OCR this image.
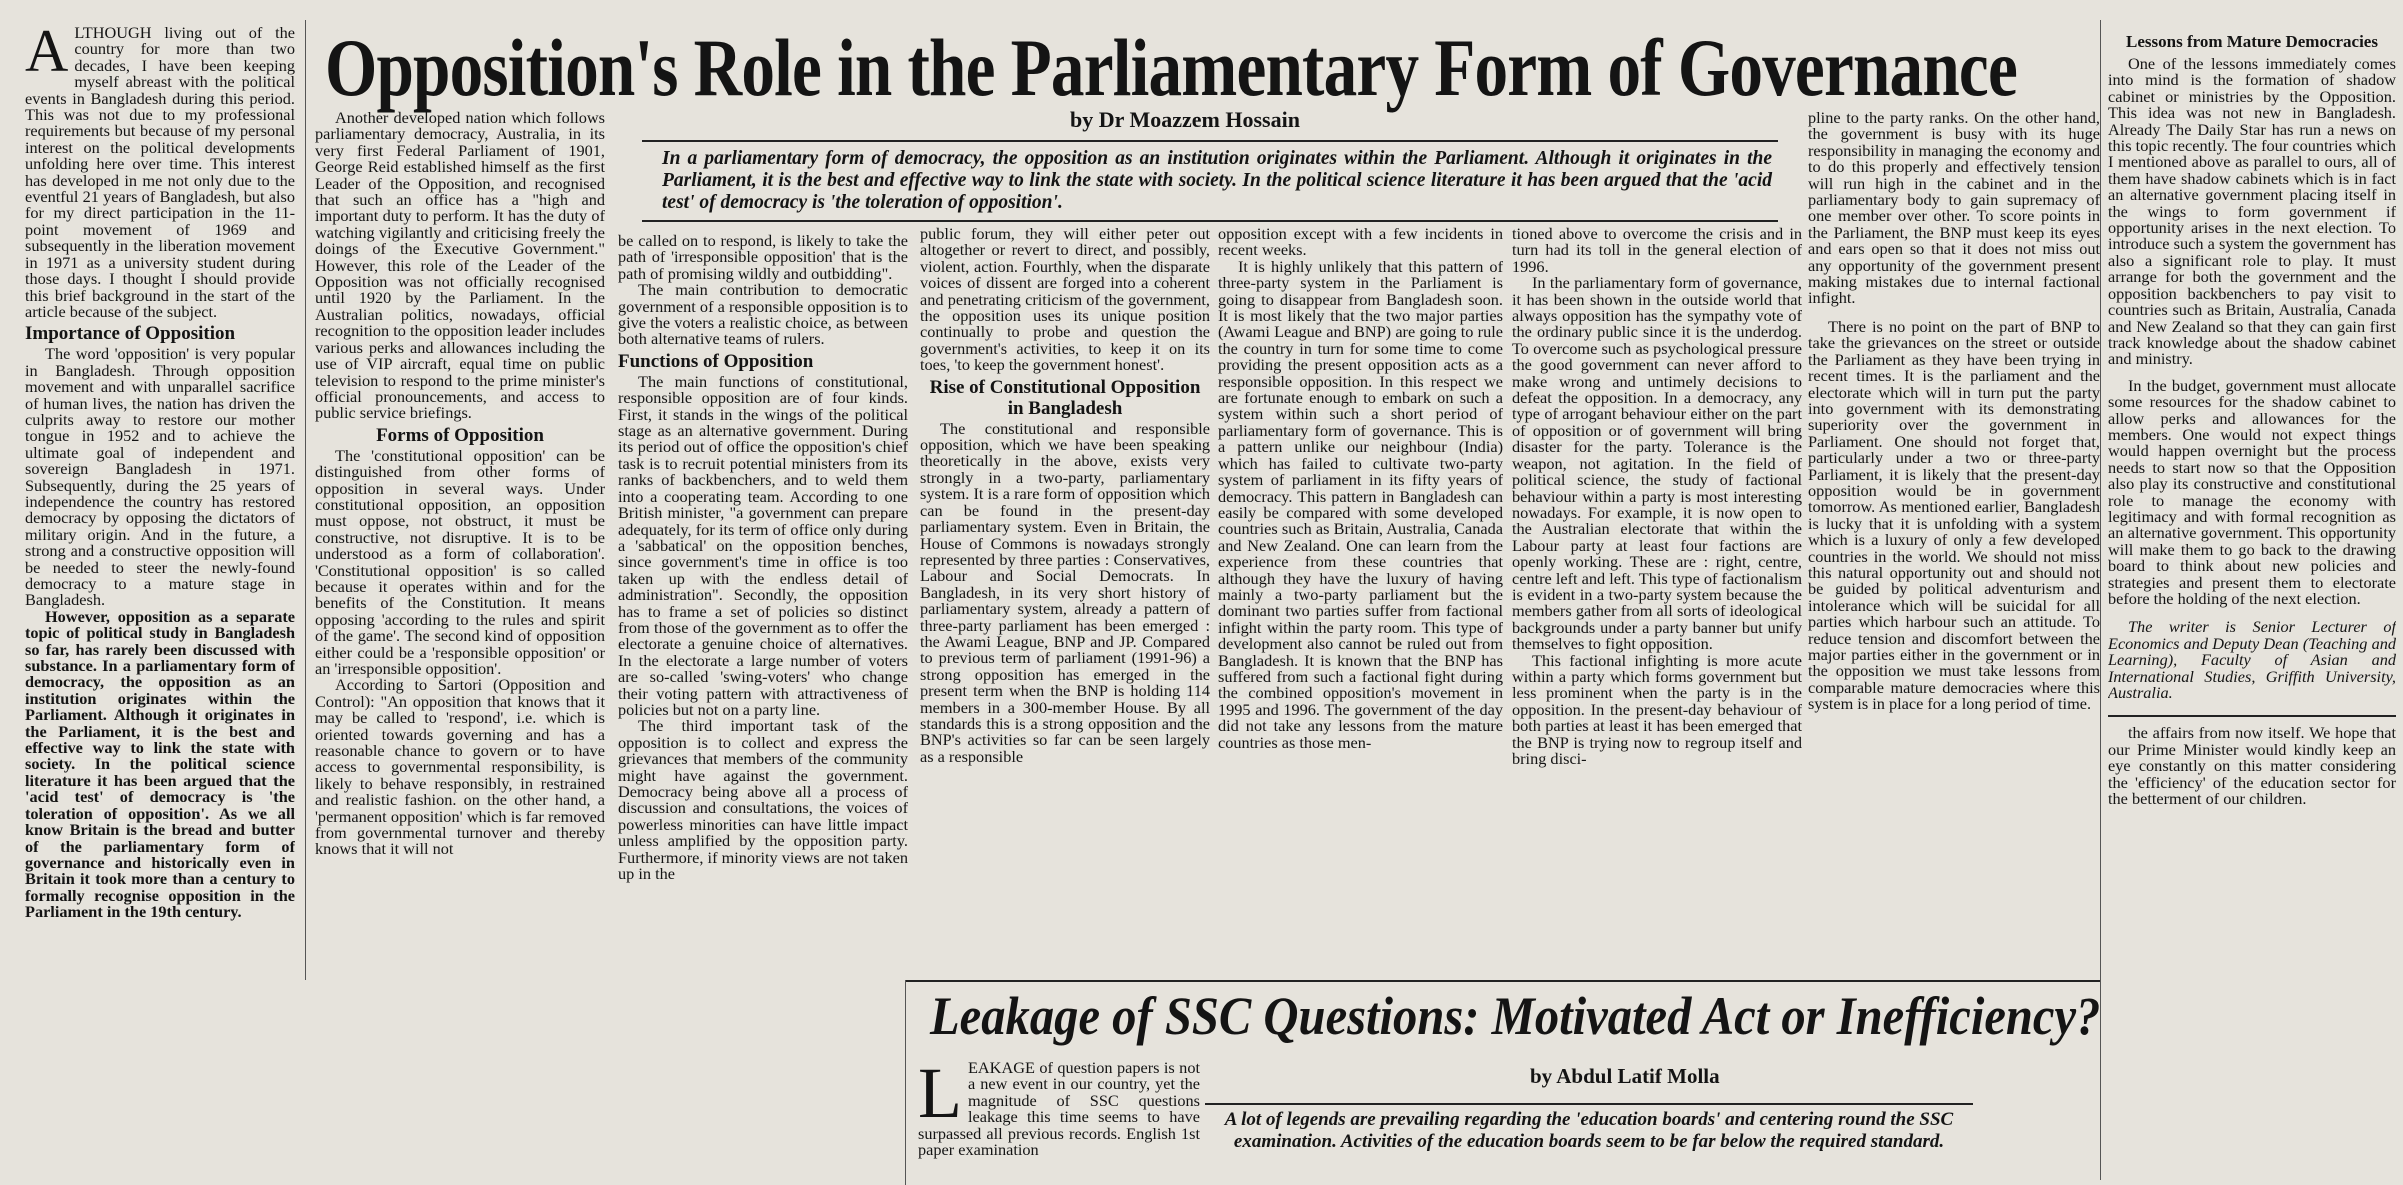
Opposition's Role in the Parliamentary Form of Governance
by Dr Moazzem Hossain
In a parliamentary form of democracy, the opposition as an institution originates within the Parliament. Although it originates in the Parliament, it is the best and effective way to link the state with society. In the political science literature it has been argued that the 'acid test' of democracy is 'the toleration of opposition'.

ALTHOUGH living out of the country for more than two decades, I have been keeping myself abreast with the political events in Bangladesh during this period. This was not due to my professional requirements but because of my personal interest on the political developments unfolding here over time. This interest has developed in me not only due to the eventful 21 years of Bangladesh, but also for my direct participation in the 11-point movement of 1969 and subsequently in the liberation movement in 1971 as a university student during those days. I thought I should provide this brief background in the start of the article because of the subject.

Importance of Opposition

The word 'opposition' is very popular in Bangladesh. Through opposition movement and with unparallel sacrifice of human lives, the nation has driven the culprits away to restore our mother tongue in 1952 and to achieve the ultimate goal of independent and sovereign Bangladesh in 1971. Subsequently, during the 25 years of independence the country has restored democracy by opposing the dictators of military origin. And in the future, a strong and a constructive opposition will be needed to steer the newly-found democracy to a mature stage in Bangladesh.

However, opposition as a separate topic of political study in Bangladesh so far, has rarely been discussed with substance. In a parliamentary form of democracy, the opposition as an institution originates within the Parliament. Although it originates in the Parliament, it is the best and effective way to link the state with society. In the political science literature it has been argued that the 'acid test' of democracy is 'the toleration of opposition'. As we all know Britain is the bread and butter of the parliamentary form of governance and historically even in Britain it took more than a century to formally recognise opposition in the Parliament in the 19th century.

Another developed nation which follows parliamentary democracy, Australia, in its very first Federal Parliament of 1901, George Reid established himself as the first Leader of the Opposition, and recognised that such an office has a "high and important duty to perform. It has the duty of watching vigilantly and criticising freely the doings of the Executive Government." However, this role of the Leader of the Opposition was not officially recognised until 1920 by the Parliament. In the Australian politics, nowadays, official recognition to the opposition leader includes various perks and allowances including the use of VIP aircraft, equal time on public television to respond to the prime minister's official pronouncements, and access to public service briefings.

Forms of Opposition

The 'constitutional opposition' can be distinguished from other forms of opposition in several ways. Under constitutional opposition, an opposition must oppose, not obstruct, it must be constructive, not disruptive. It is to be understood as a form of collaboration'. 'Constitutional opposition' is so called because it operates within and for the benefits of the Constitution. It means opposing 'according to the rules and spirit of the game'. The second kind of opposition either could be a 'responsible opposition' or an 'irresponsible opposition'.

According to Sartori (Opposition and Control): "An opposition that knows that it may be called to 'respond', i.e. which is oriented towards governing and has a reasonable chance to govern or to have access to governmental responsibility, is likely to behave responsibly, in restrained and realistic fashion. on the other hand, a 'permanent opposition' which is far removed from governmental turnover and thereby knows that it will not

be called on to respond, is likely to take the path of 'irresponsible opposition' that is the path of promising wildly and outbidding".

The main contribution to democratic government of a responsible opposition is to give the voters a realistic choice, as between both alternative teams of rulers.

Functions of Opposition

The main functions of constitutional, responsible opposition are of four kinds. First, it stands in the wings of the political stage as an alternative government. During its period out of office the opposition's chief task is to recruit potential ministers from its ranks of backbenchers, and to weld them into a cooperating team. According to one British minister, "a government can prepare adequately, for its term of office only during a 'sabbatical' on the opposition benches, since government's time in office is too taken up with the endless detail of administration". Secondly, the opposition has to frame a set of policies so distinct from those of the government as to offer the electorate a genuine choice of alternatives. In the electorate a large number of voters are so-called 'swing-voters' who change their voting pattern with attractiveness of policies but not on a party line.

The third important task of the opposition is to collect and express the grievances that members of the community might have against the government. Democracy being above all a process of discussion and consultations, the voices of powerless minorities can have little impact unless amplified by the opposition party. Furthermore, if minority views are not taken up in the

public forum, they will either peter out altogether or revert to direct, and possibly, violent, action. Fourthly, when the disparate voices of dissent are forged into a coherent and penetrating criticism of the government, the opposition uses its unique position continually to probe and question the government's activities, to keep it on its toes, 'to keep the government honest'.

Rise of Constitutional Opposition in Bangladesh

The constitutional and responsible opposition, which we have been speaking theoretically in the above, exists very strongly in a two-party, parliamentary system. It is a rare form of opposition which can be found in the present-day parliamentary system. Even in Britain, the House of Commons is nowadays strongly represented by three parties : Conservatives, Labour and Social Democrats. In Bangladesh, in its very short history of parliamentary system, already a pattern of three-party parliament has been emerged : the Awami League, BNP and JP. Compared to previous term of parliament (1991-96) a strong opposition has emerged in the present term when the BNP is holding 114 members in a 300-member House. By all standards this is a strong opposition and the BNP's activities so far can be seen largely as a responsible

opposition except with a few incidents in recent weeks.

It is highly unlikely that this pattern of three-party system in the Parliament is going to disappear from Bangladesh soon. It is most likely that the two major parties (Awami League and BNP) are going to rule the country in turn for some time to come providing the present opposition acts as a responsible opposition. In this respect we are fortunate enough to embark on such a system within such a short period of parliamentary form of governance. This is a pattern unlike our neighbour (India) which has failed to cultivate two-party system of parliament in its fifty years of democracy. This pattern in Bangladesh can easily be compared with some developed countries such as Britain, Australia, Canada and New Zealand. One can learn from the experience from these countries that although they have the luxury of having mainly a two-party parliament but the dominant two parties suffer from factional infight within the party room. This type of development also cannot be ruled out from Bangladesh. It is known that the BNP has suffered from such a factional fight during the combined opposition's movement in 1995 and 1996. The government of the day did not take any lessons from the mature countries as those men-

tioned above to overcome the crisis and in turn had its toll in the general election of 1996.

In the parliamentary form of governance, it has been shown in the outside world that always opposition has the sympathy vote of the ordinary public since it is the underdog. To overcome such as psychological pressure the good government can never afford to make wrong and untimely decisions to defeat the opposition. In a democracy, any type of arrogant behaviour either on the part of opposition or of government will bring disaster for the party. Tolerance is the weapon, not agitation. In the field of political science, the study of factional behaviour within a party is most interesting nowadays. For example, it is now open to the Australian electorate that within the Labour party at least four factions are openly working. These are : right, centre, centre left and left. This type of factionalism is evident in a two-party system because the members gather from all sorts of ideological backgrounds under a party banner but unify themselves to fight opposition.

This factional infighting is more acute within a party which forms government but less prominent when the party is in the opposition. In the present-day behaviour of both parties at least it has been emerged that the BNP is trying now to regroup itself and bring disci-

pline to the party ranks. On the other hand, the government is busy with its huge responsibility in managing the economy and to do this properly and effectively tension will run high in the cabinet and in the parliamentary body to gain supremacy of one member over other. To score points in the Parliament, the BNP must keep its eyes and ears open so that it does not miss out any opportunity of the government present making mistakes due to internal factional infight.

There is no point on the part of BNP to take the grievances on the street or outside the Parliament as they have been trying in recent times. It is the parliament and the electorate which will in turn put the party into government with its demonstrating superiority over the government in Parliament. One should not forget that, particularly under a two or three-party Parliament, it is likely that the present-day opposition would be in government tomorrow. As mentioned earlier, Bangladesh is lucky that it is unfolding with a system which is a luxury of only a few developed countries in the world. We should not miss this natural opportunity out and should not be guided by political adventurism and intolerance which will be suicidal for all parties which harbour such an attitude. To reduce tension and discomfort between the major parties either in the government or in the opposition we must take lessons from comparable mature democracies where this system is in place for a long period of time.

Lessons from Mature Democracies

One of the lessons immediately comes into mind is the formation of shadow cabinet or ministries by the Opposition. This idea was not new in Bangladesh. Already The Daily Star has run a news on this topic recently. The four countries which I mentioned above as parallel to ours, all of them have shadow cabinets which is in fact an alternative government placing itself in the wings to form government if opportunity arises in the next election. To introduce such a system the government has also a significant role to play. It must arrange for both the government and the opposition backbenchers to pay visit to countries such as Britain, Australia, Canada and New Zealand so that they can gain first track knowledge about the shadow cabinet and ministry.

In the budget, government must allocate some resources for the shadow cabinet to allow perks and allowances for the members. One would not expect things would happen overnight but the process needs to start now so that the Opposition also play its constructive and constitutional role to manage the economy with legitimacy and with formal recognition as an alternative government. This opportunity will make them to go back to the drawing board to think about new policies and strategies and present them to electorate before the holding of the next election.

The writer is Senior Lecturer of Economics and Deputy Dean (Teaching and Learning), Faculty of Asian and International Studies, Griffith University, Australia.

the affairs from now itself. We hope that our Prime Minister would kindly keep an eye constantly on this matter considering the 'efficiency' of the education sector for the betterment of our children.

Leakage of SSC Questions: Motivated Act or Inefficiency?
by Abdul Latif Molla

LEAKAGE of question papers is not a new event in our country, yet the magnitude of SSC questions leakage this time seems to have surpassed all previous records. English 1st paper examination

A lot of legends are prevailing regarding the 'education boards' and centering round the SSC examination. Activities of the education boards seem to be far below the required standard.
